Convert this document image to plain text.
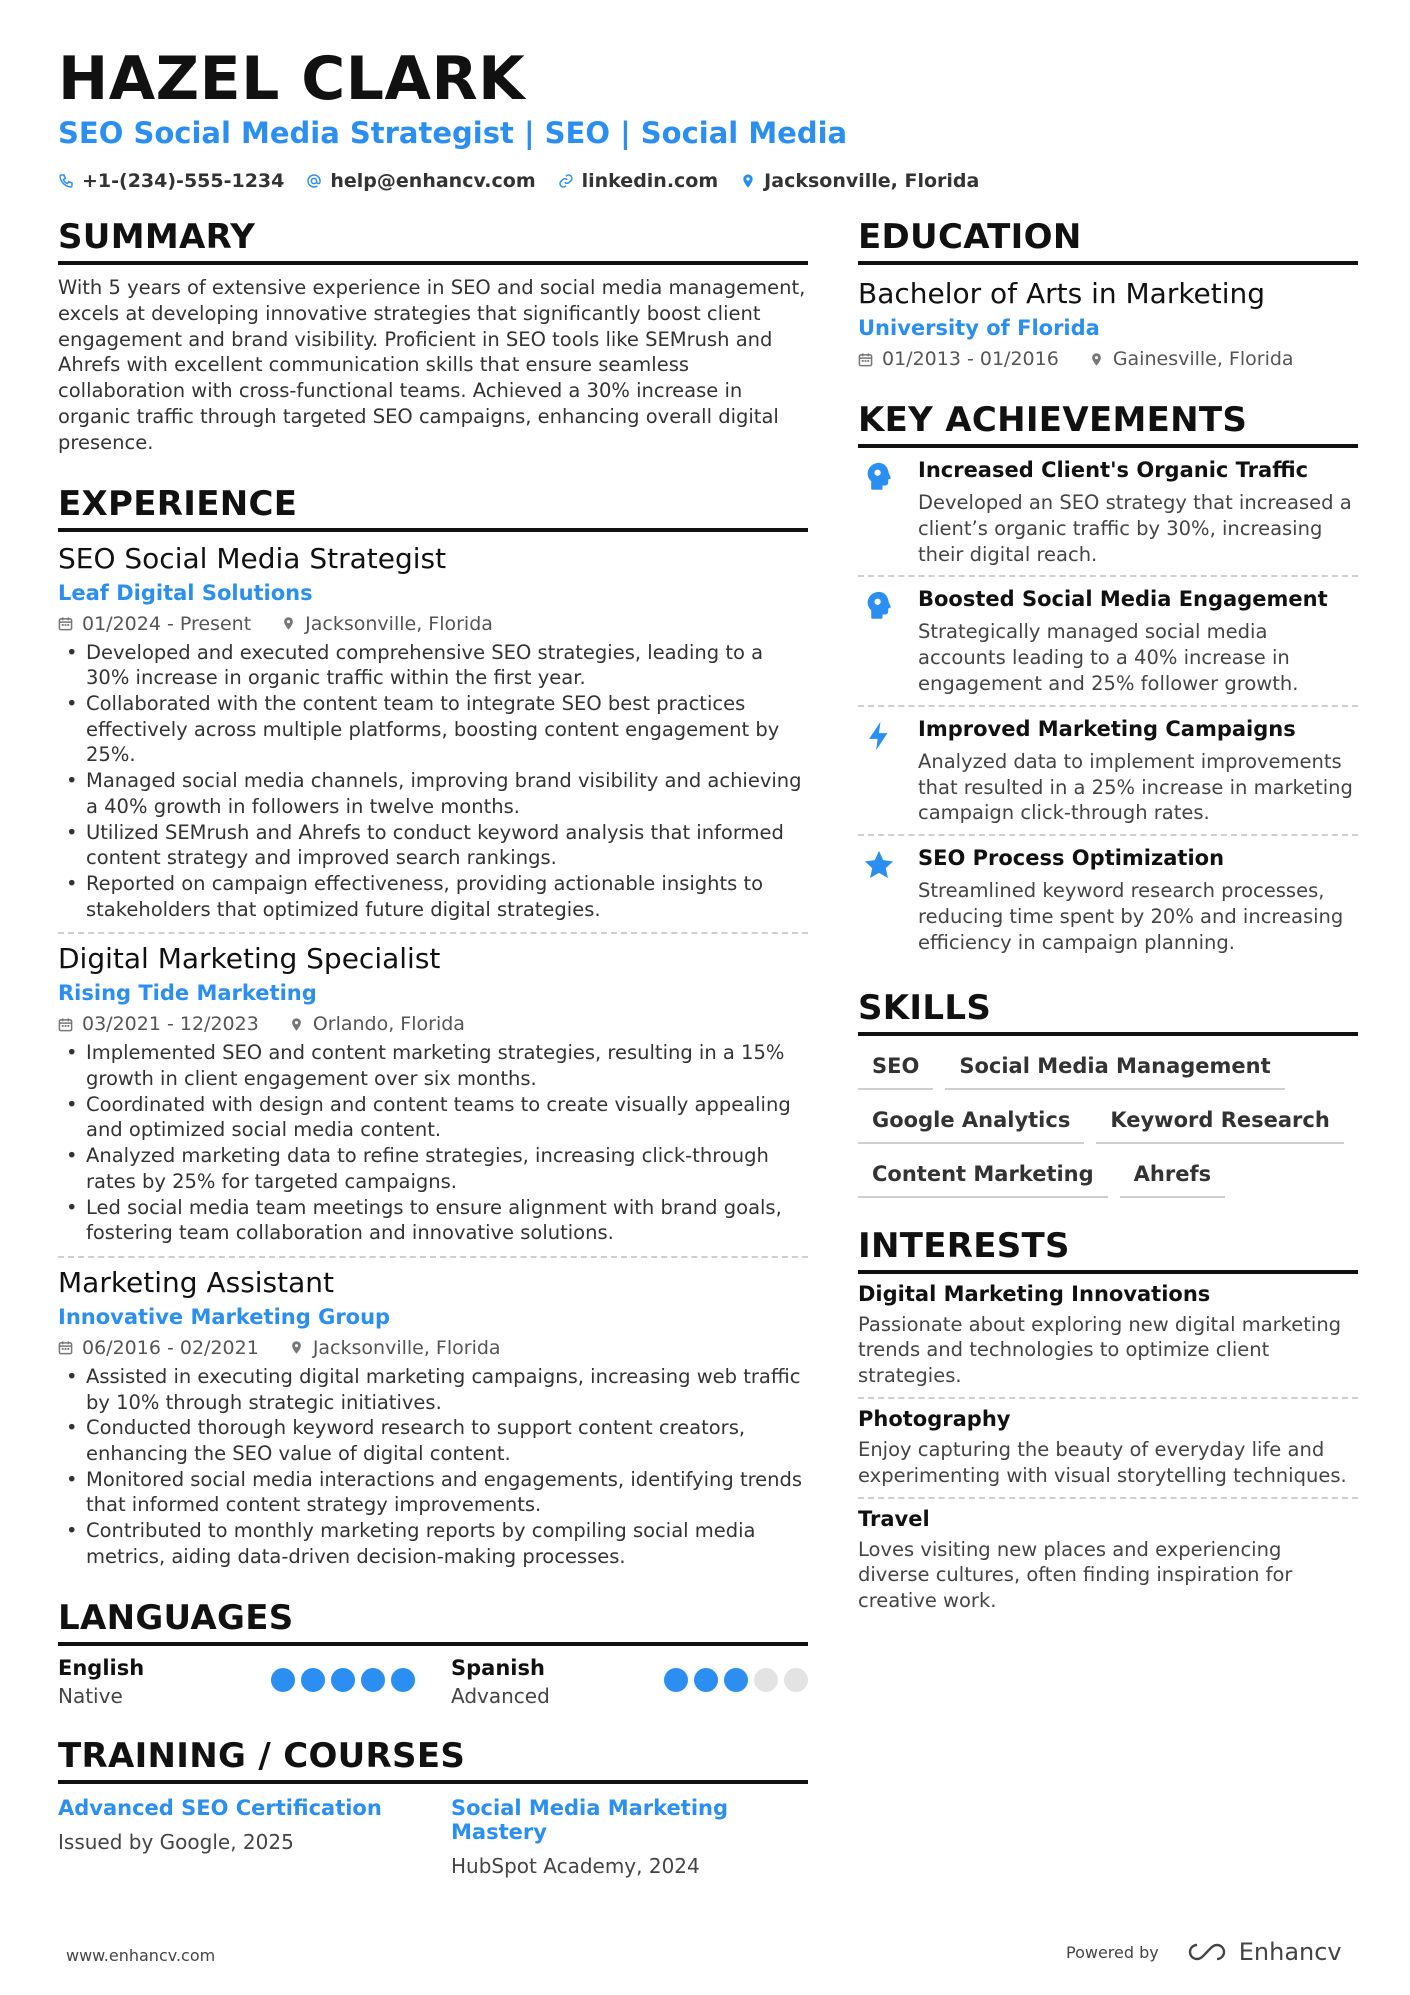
HAZEL CLARK
SEO Social Media Strategist | SEO | Social Media
+1-(234)-555-1234 help@enhancv.com linkedin.com Jacksonville, Florida
SUMMARY
With 5 years of extensive experience in SEO and social media management, excels at developing innovative strategies that significantly boost client engagement and brand visibility. Proficient in SEO tools like SEMrush and Ahrefs with excellent communication skills that ensure seamless collaboration with cross-functional teams. Achieved a 30% increase in organic traffic through targeted SEO campaigns, enhancing overall digital presence.
EXPERIENCE
SEO Social Media Strategist
Leaf Digital Solutions
01/2024 - Present	Jacksonville, Florida
• Developed and executed comprehensive SEO strategies, leading to a 30% increase in organic traffic within the first year.
• Collaborated with the content team to integrate SEO best practices effectively across multiple platforms, boosting content engagement by 25%.
• Managed social media channels, improving brand visibility and achieving a 40% growth in followers in twelve months.
• Utilized SEMrush and Ahrefs to conduct keyword analysis that informed content strategy and improved search rankings.
• Reported on campaign effectiveness, providing actionable insights to stakeholders that optimized future digital strategies.
Digital Marketing Specialist
Rising Tide Marketing
03/2021 - 12/2023	Orlando, Florida
• Implemented SEO and content marketing strategies, resulting in a 15% growth in client engagement over six months.
• Coordinated with design and content teams to create visually appealing and optimized social media content.
• Analyzed marketing data to refine strategies, increasing click-through rates by 25% for targeted campaigns.
• Led social media team meetings to ensure alignment with brand goals, fostering team collaboration and innovative solutions.
Marketing Assistant
Innovative Marketing Group
06/2016 - 02/2021	Jacksonville, Florida
• Assisted in executing digital marketing campaigns, increasing web traffic by 10% through strategic initiatives.
• Conducted thorough keyword research to support content creators, enhancing the SEO value of digital content.
• Monitored social media interactions and engagements, identifying trends that informed content strategy improvements.
• Contributed to monthly marketing reports by compiling social media metrics, aiding data-driven decision-making processes.
LANGUAGES
English
Native
Spanish
Advanced
TRAINING / COURSES
Advanced SEO Certification
Issued by Google, 2025
Social Media Marketing Mastery
HubSpot Academy, 2024
EDUCATION
Bachelor of Arts in Marketing
University of Florida
01/2013 - 01/2016	Gainesville, Florida
KEY ACHIEVEMENTS
Increased Client's Organic Traffic
Developed an SEO strategy that increased a client’s organic traffic by 30%, increasing their digital reach.
Boosted Social Media Engagement
Strategically managed social media accounts leading to a 40% increase in engagement and 25% follower growth.
Improved Marketing Campaigns
Analyzed data to implement improvements that resulted in a 25% increase in marketing campaign click-through rates.
SEO Process Optimization
Streamlined keyword research processes, reducing time spent by 20% and increasing efficiency in campaign planning.
SKILLS
SEO	Social Media Management
Google Analytics	Keyword Research
Content Marketing	Ahrefs
INTERESTS
Digital Marketing Innovations
Passionate about exploring new digital marketing trends and technologies to optimize client strategies.
Photography
Enjoy capturing the beauty of everyday life and experimenting with visual storytelling techniques.
Travel
Loves visiting new places and experiencing diverse cultures, often finding inspiration for creative work.
www.enhancv.com	Powered by	Enhancv
